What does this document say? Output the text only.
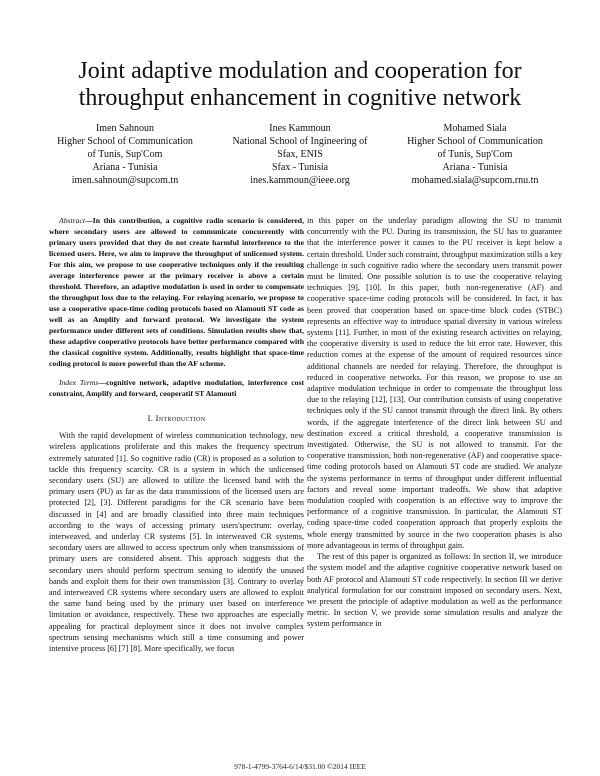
Joint adaptive modulation and cooperation for
throughput enhancement in cognitive network
Imen Sahnoun
Higher School of Communication
of Tunis, Sup'Com
Ariana - Tunisia
imen.sahnoun@supcom.tn
Ines Kammoun
National School of Ingineering of
Sfax, ENIS
Sfax - Tunisia
ines.kammoun@ieee.org
Mohamed Siala
Higher School of Communication
of Tunis, Sup'Com
Ariana - Tunisia
mohamed.siala@supcom.rnu.tn

Abstract—In this contribution, a cognitive radio scenario is considered, where secondary users are allowed to communicate concurrently with primary users provided that they do not create harmful interference to the licensed users. Here, we aim to improve the throughput of unlicensed system. For this aim, we propose to use cooperative techniques only if the resulting average interference power at the primary receiver is above a certain threshold. Therefore, an adaptive modulation is used in order to compensate the throughput loss due to the relaying. For relaying scenario, we propose to use a cooperative space-time coding protocols based on Alamouti ST code as well as an Amplify and forward protocol. We investigate the system performance under different sets of conditions. Simulation results show that, these adaptive cooperative protocols have better performance compared with the classical cognitive system. Additionally, results highlight that space-time coding protocol is more powerful than the AF scheme.

Index Terms—cognitive network, adaptive modulation, interference cost constraint, Amplify and forward, cooperatif ST Alamouti

I. Introduction

With the rapid development of wireless communication technology, new wireless applications proliferate and this makes the frequency spectrum extremely saturated [1]. So cognitive radio (CR) is proposed as a solution to tackle this frequency scarcity. CR is a system in which the unlicensed secondary users (SU) are allowed to utilize the licensed band with the primary users (PU) as far as the data transmissions of the licensed users are protected [2], [3]. Different paradigms for the CR scenario have been discussed in [4] and are broadly classified into three main techniques according to the ways of accessing primary users'spectrum: overlay, interweaved, and underlay CR systems [5]. In interweaved CR systems, secondary users are allowed to access spectrum only when transmissions of primary users are considered absent. This approach suggests that the secondary users should perform spectrum sensing to identify the unused bands and exploit them for their own transmission [3]. Contrary to overlay and interweaved CR systems where secondary users are allowed to exploit the same band being used by the primary user based on interference limitation or avoidance, respectively. These two approaches are especially appealing for practical deployment since it does not involve complex spectrum sensing mechanisms which still a time consuming and power intensive process [6] [7] [8]. More specifically, we focus

in this paper on the underlay paradigm allowing the SU to transmit concurrently with the PU. During its transmission, the SU has to guarantee that the interference power it causes to the PU receiver is kept below a certain threshold. Under such constraint, throughput maximization stills a key challenge in such cognitive radio where the secondary users transmit power must be limited. One possible solution is to use the cooperative relaying techniques [9], [10]. In this paper, both non-regenerative (AF) and cooperative space-time coding protocols will be considered. In fact, it has been proved that cooperation based on space-time block codes (STBC) represents an effective way to introduce spatial diversity in various wireless systems [11]. Further, in most of the existing research activities on relaying, the cooperative diversity is used to reduce the bit error rate. However, this reduction comes at the expense of the amount of required resources since additional channels are needed for relaying. Therefore, the throughput is reduced in cooperative networks. For this reason, we propose to use an adaptive modulation technique in order to compensate the throughput loss due to the relaying [12], [13]. Our contribution consists of using cooperative techniques only if the SU cannot transmit through the direct link. By others words, if the aggregate interference of the direct link between SU and destination exceed a critical threshold, a cooperative transmission is investigated. Otherwise, the SU is not allowed to transmit. For the cooperative transmission, both non-regenerative (AF) and cooperative space-time coding protocols based on Alamouti ST code are studied. We analyze the systems performance in terms of throughput under different influential factors and reveal some important tradeoffs. We show that adaptive modulation coupled with cooperation is an effective way to improve the performance of a cognitive transmission. In particular, the Alamouti ST coding space-time coded cooperation approach that properly exploits the whole energy transmitted by source in the two cooperation phases is also more advantageous in terms of throughput gain.

The rest of this paper is organized as follows: In section II, we introduce the system model and the adaptive cognitive cooperative network based on both AF protocol and Alamouti ST code respectively. In section III we derive analytical formulation for our constraint imposed on secondary users. Next, we present the principle of adaptive modulation as well as the performance metric. In section V, we provide some simulation results and analyze the system performance in

978-1-4799-3764-6/14/$31.00 ©2014 IEEE
